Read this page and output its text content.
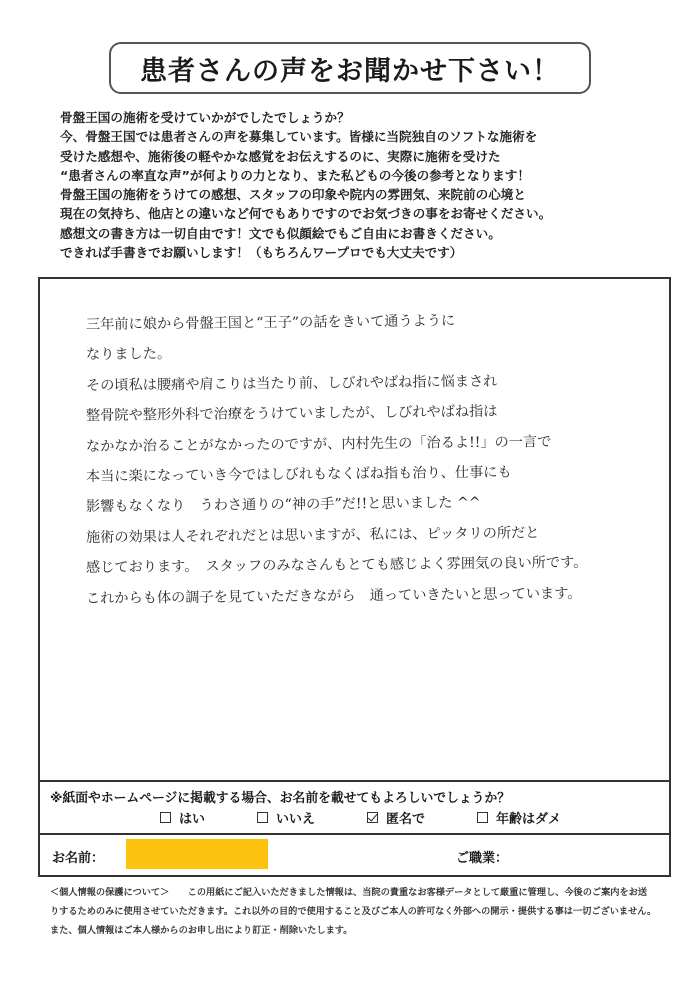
患者さんの声をお聞かせ下さい！
骨盤王国の施術を受けていかがでしたでしょうか？
今、骨盤王国では患者さんの声を募集しています。皆様に当院独自のソフトな施術を
受けた感想や、施術後の軽やかな感覚をお伝えするのに、実際に施術を受けた
“患者さんの率直な声”が何よりの力となり、また私どもの今後の参考となります！
骨盤王国の施術をうけての感想、スタッフの印象や院内の雰囲気、来院前の心境と
現在の気持ち、他店との違いなど何でもありですのでお気づきの事をお寄せください。
感想文の書き方は一切自由です！文でも似顔絵でもご自由にお書きください。
できれば手書きでお願いします！（もちろんワープロでも大丈夫です）
三年前に娘から骨盤王国と“王子”の話をきいて通うように
なりました。
その頃私は腰痛や肩こりは当たり前、しびれやばね指に悩まされ
整骨院や整形外科で治療をうけていましたが、しびれやばね指は
なかなか治ることがなかったのですが、内村先生の「治るよ!!」の一言で
本当に楽になっていき今ではしびれもなくばね指も治り、仕事にも
影響もなくなり　うわさ通りの“神の手”だ!!と思いました ^^
施術の効果は人それぞれだとは思いますが、私には、ピッタリの所だと
感じております。　スタッフのみなさんもとても感じよく雰囲気の良い所です。
これからも体の調子を見ていただきながら　通っていきたいと思っています。
※紙面やホームページに掲載する場合、お名前を載せてもよろしいでしょうか？
はい	いいえ	匿名で	年齢はダメ
お名前：	ご職業：
＜個人情報の保護について＞　　この用紙にご記入いただきました情報は、当院の貴重なお客様データとして厳重に管理し、今後のご案内をお送
りするためのみに使用させていただきます。これ以外の目的で使用すること及びご本人の許可なく外部への開示・提供する事は一切ございません。
また、個人情報はご本人様からのお申し出により訂正・削除いたします。
